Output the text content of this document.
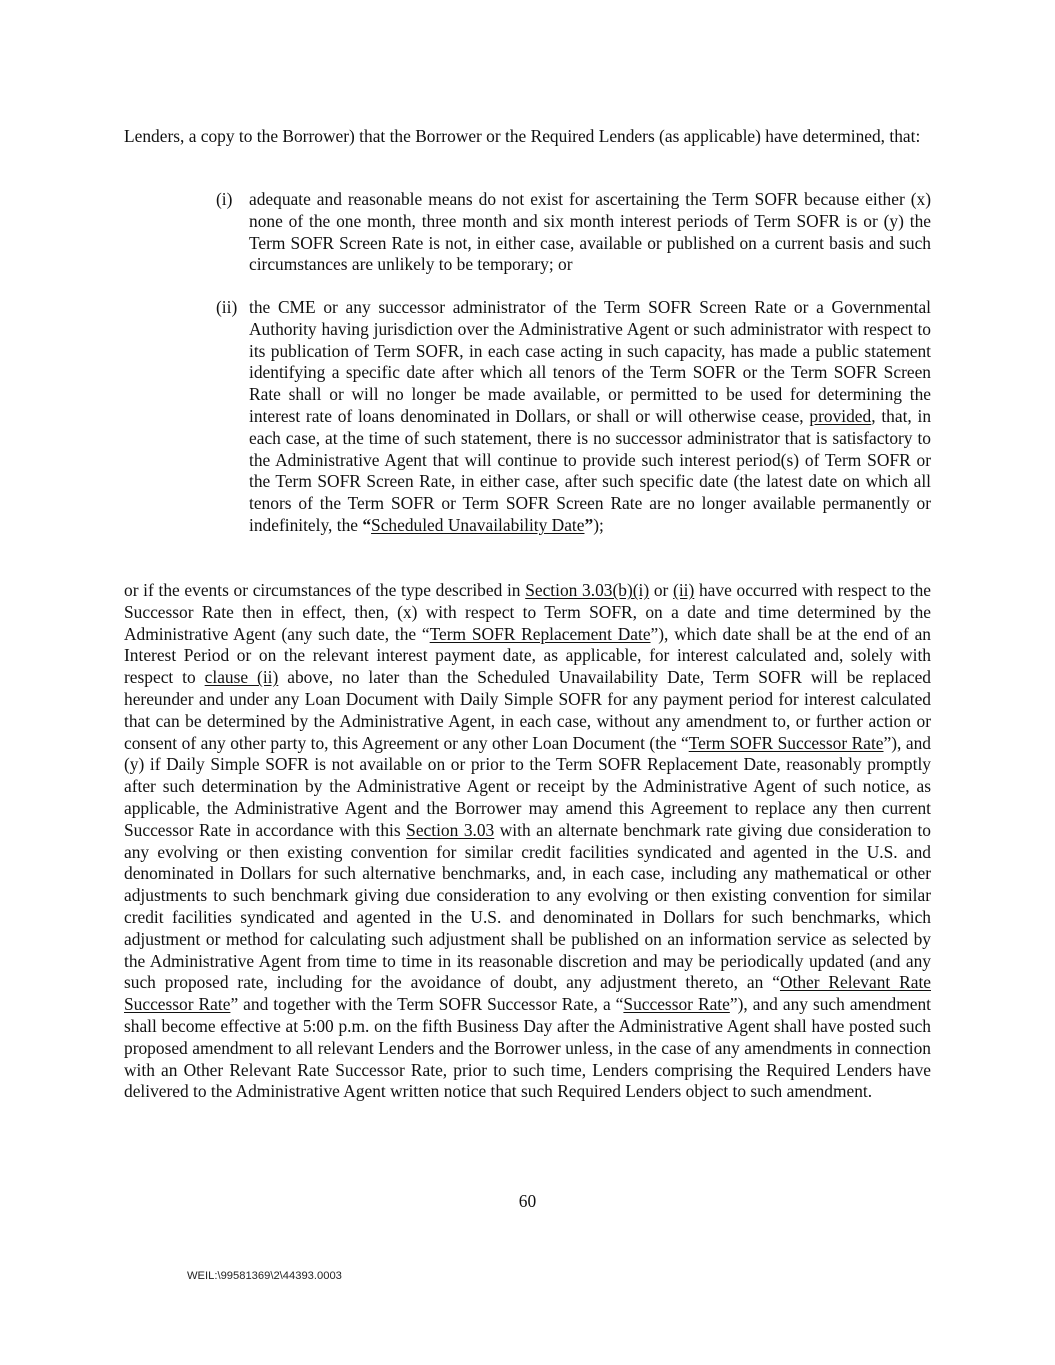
Lenders, a copy to the Borrower) that the Borrower or the Required Lenders (as applicable) have determined, that:

(i) adequate and reasonable means do not exist for ascertaining the Term SOFR because either (x) none of the one month, three month and six month interest periods of Term SOFR is or (y) the Term SOFR Screen Rate is not, in either case, available or published on a current basis and such circumstances are unlikely to be temporary; or
(ii) the CME or any successor administrator of the Term SOFR Screen Rate or a Governmental Authority having jurisdiction over the Administrative Agent or such administrator with respect to its publication of Term SOFR, in each case acting in such capacity, has made a public statement identifying a specific date after which all tenors of the Term SOFR or the Term SOFR Screen Rate shall or will no longer be made available, or permitted to be used for determining the interest rate of loans denominated in Dollars, or shall or will otherwise cease, provided, that, in each case, at the time of such statement, there is no successor administrator that is satisfactory to the Administrative Agent that will continue to provide such interest period(s) of Term SOFR or the Term SOFR Screen Rate, in either case, after such specific date (the latest date on which all tenors of the Term SOFR or Term SOFR Screen Rate are no longer available permanently or indefinitely, the “Scheduled Unavailability Date”);

or if the events or circumstances of the type described in Section 3.03(b)(i) or (ii) have occurred with respect to the Successor Rate then in effect, then, (x) with respect to Term SOFR, on a date and time determined by the Administrative Agent (any such date, the “Term SOFR Replacement Date”), which date shall be at the end of an Interest Period or on the relevant interest payment date, as applicable, for interest calculated and, solely with respect to clause (ii) above, no later than the Scheduled Unavailability Date, Term SOFR will be replaced hereunder and under any Loan Document with Daily Simple SOFR for any payment period for interest calculated that can be determined by the Administrative Agent, in each case, without any amendment to, or further action or consent of any other party to, this Agreement or any other Loan Document (the “Term SOFR Successor Rate”), and (y) if Daily Simple SOFR is not available on or prior to the Term SOFR Replacement Date, reasonably promptly after such determination by the Administrative Agent or receipt by the Administrative Agent of such notice, as applicable, the Administrative Agent and the Borrower may amend this Agreement to replace any then current Successor Rate in accordance with this Section 3.03 with an alternate benchmark rate giving due consideration to any evolving or then existing convention for similar credit facilities syndicated and agented in the U.S. and denominated in Dollars for such alternative benchmarks, and, in each case, including any mathematical or other adjustments to such benchmark giving due consideration to any evolving or then existing convention for similar credit facilities syndicated and agented in the U.S. and denominated in Dollars for such benchmarks, which adjustment or method for calculating such adjustment shall be published on an information service as selected by the Administrative Agent from time to time in its reasonable discretion and may be periodically updated (and any such proposed rate, including for the avoidance of doubt, any adjustment thereto, an “Other Relevant Rate Successor Rate” and together with the Term SOFR Successor Rate, a “Successor Rate”), and any such amendment shall become effective at 5:00 p.m. on the fifth Business Day after the Administrative Agent shall have posted such proposed amendment to all relevant Lenders and the Borrower unless, in the case of any amendments in connection with an Other Relevant Rate Successor Rate, prior to such time, Lenders comprising the Required Lenders have delivered to the Administrative Agent written notice that such Required Lenders object to such amendment.

60

WEIL:\99581369\2\44393.0003
